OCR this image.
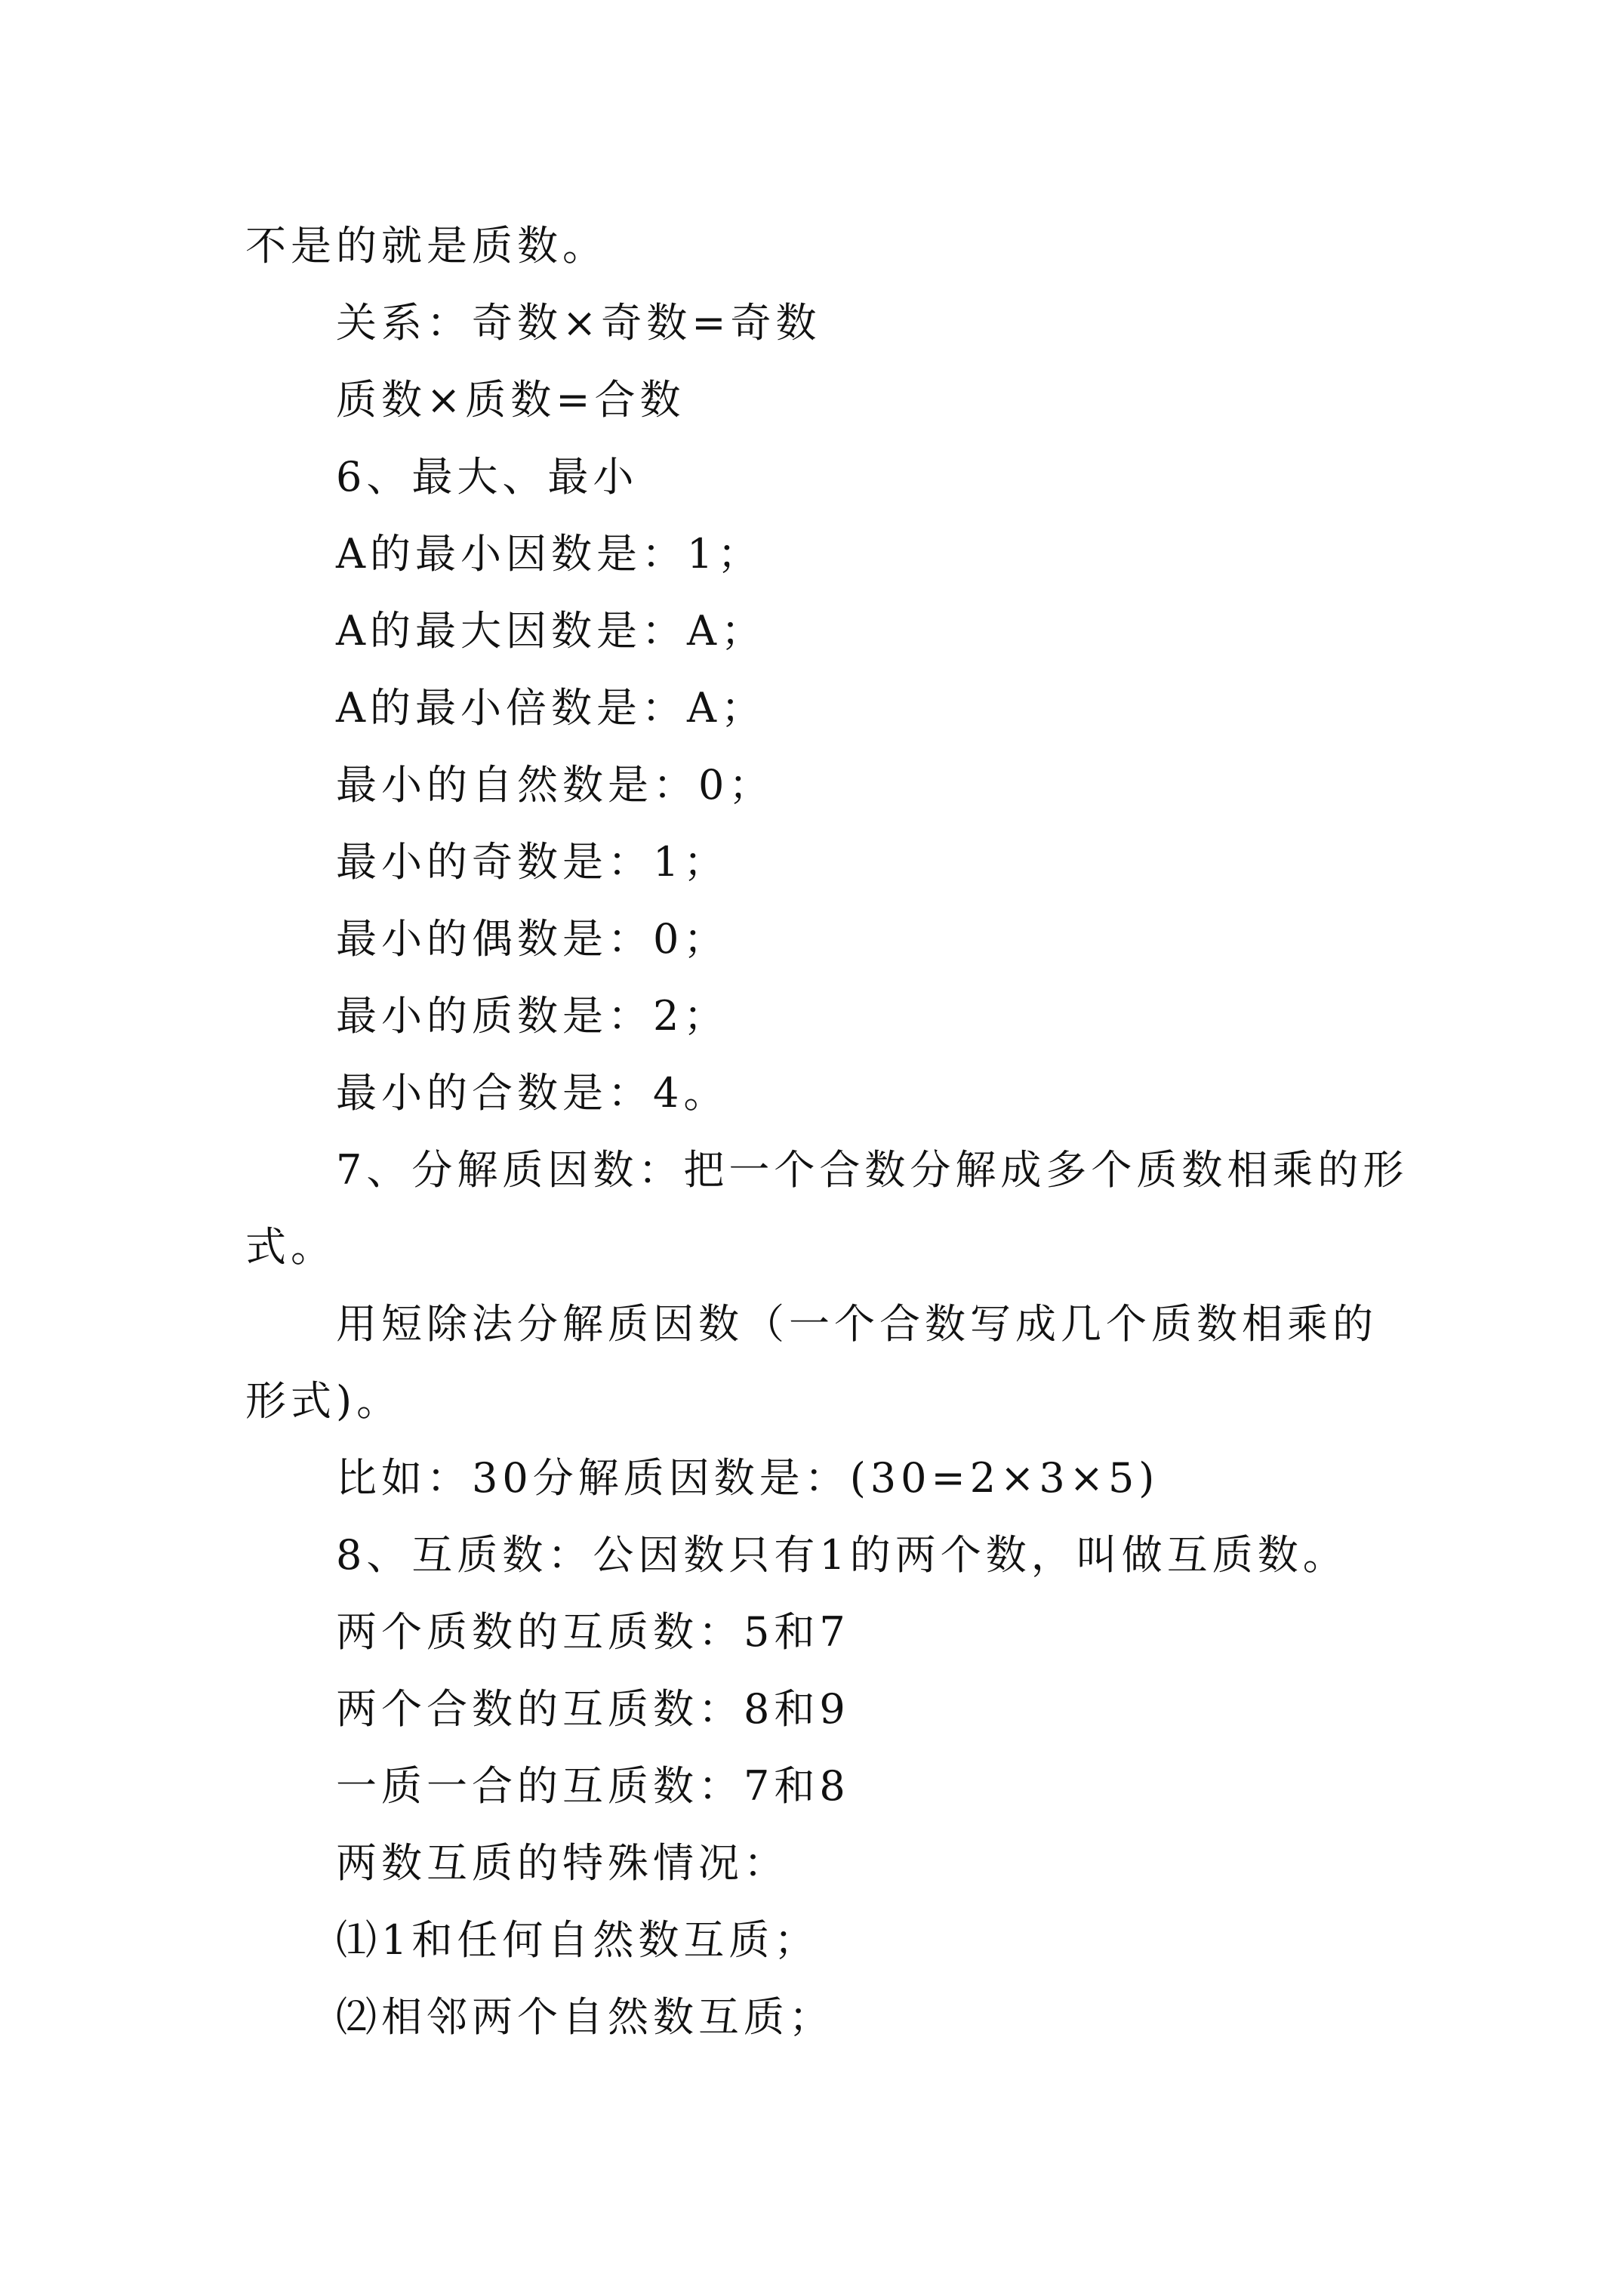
不是的就是质数。
关系：奇数×奇数=奇数
质数×质数=合数
6、最大、最小
A的最小因数是：1；
A的最大因数是：A；
A的最小倍数是：A；
最小的自然数是：0；
最小的奇数是：1；
最小的偶数是：0；
最小的质数是：2；
最小的合数是：4。
7、分解质因数：把一个合数分解成多个质数相乘的形
式。
用短除法分解质因数（一个合数写成几个质数相乘的
形式)。
比如：30分解质因数是：(30=2×3×5)
8、互质数：公因数只有1的两个数，叫做互质数。
两个质数的互质数：5和7
两个合数的互质数：8和9
一质一合的互质数：7和8
两数互质的特殊情况：
⑴1和任何自然数互质；
⑵相邻两个自然数互质；
